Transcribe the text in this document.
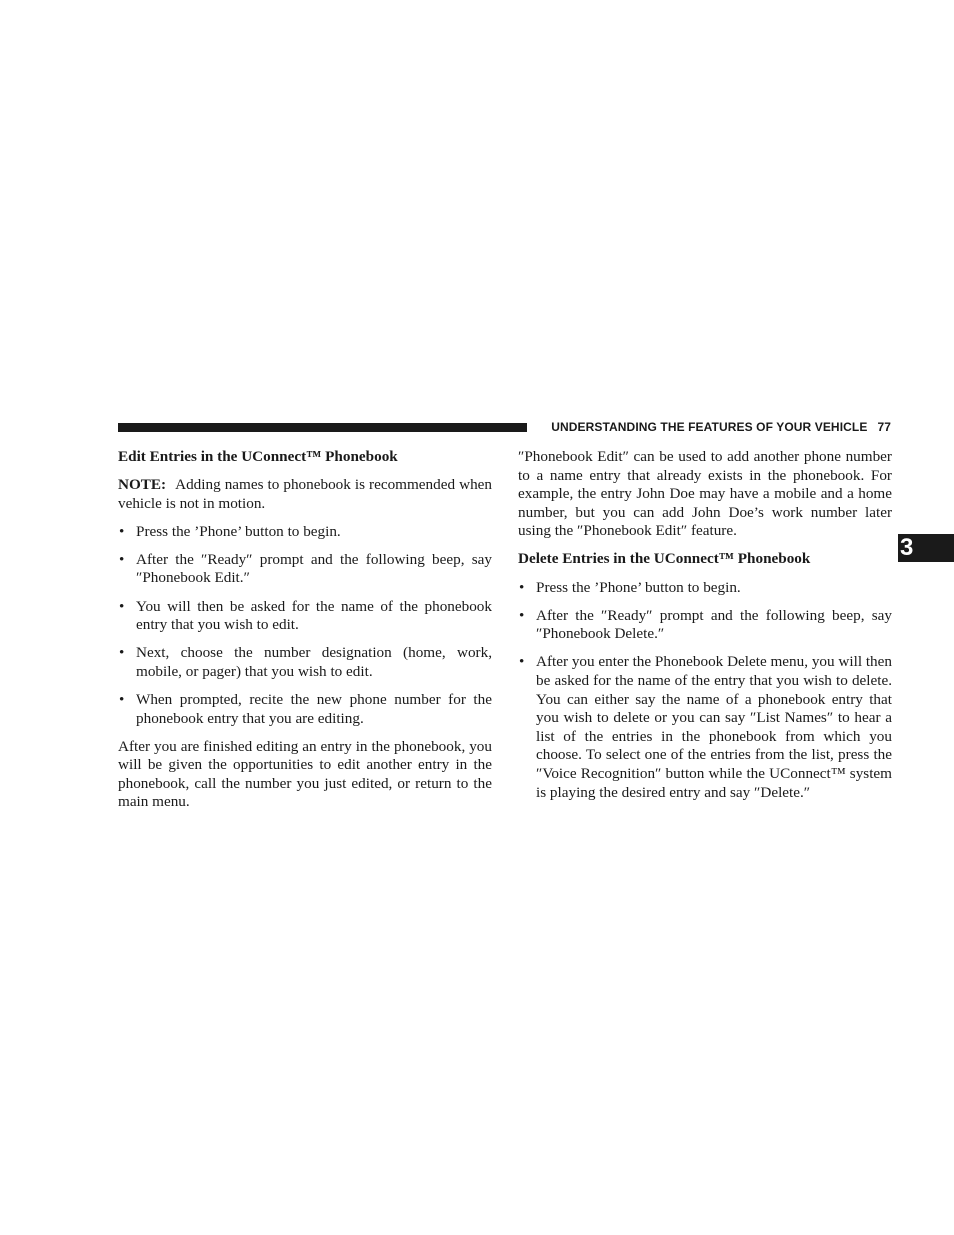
UNDERSTANDING THE FEATURES OF YOUR VEHICLE 77
3

Edit Entries in the UConnect™ Phonebook

NOTE: Adding names to phonebook is recommended when vehicle is not in motion.

• Press the ’Phone’ button to begin.
• After the ″Ready″ prompt and the following beep, say ″Phonebook Edit.″
• You will then be asked for the name of the phonebook entry that you wish to edit.
• Next, choose the number designation (home, work, mobile, or pager) that you wish to edit.
• When prompted, recite the new phone number for the phonebook entry that you are editing.

After you are finished editing an entry in the phonebook, you will be given the opportunities to edit another entry in the phonebook, call the number you just edited, or return to the main menu.

″Phonebook Edit″ can be used to add another phone number to a name entry that already exists in the phonebook. For example, the entry John Doe may have a mobile and a home number, but you can add John Doe’s work number later using the ″Phonebook Edit″ feature.

Delete Entries in the UConnect™ Phonebook

• Press the ’Phone’ button to begin.
• After the ″Ready″ prompt and the following beep, say ″Phonebook Delete.″
• After you enter the Phonebook Delete menu, you will then be asked for the name of the entry that you wish to delete. You can either say the name of a phonebook entry that you wish to delete or you can say ″List Names″ to hear a list of the entries in the phonebook from which you choose. To select one of the entries from the list, press the ″Voice Recognition″ button while the UConnect™ system is playing the desired entry and say ″Delete.″
